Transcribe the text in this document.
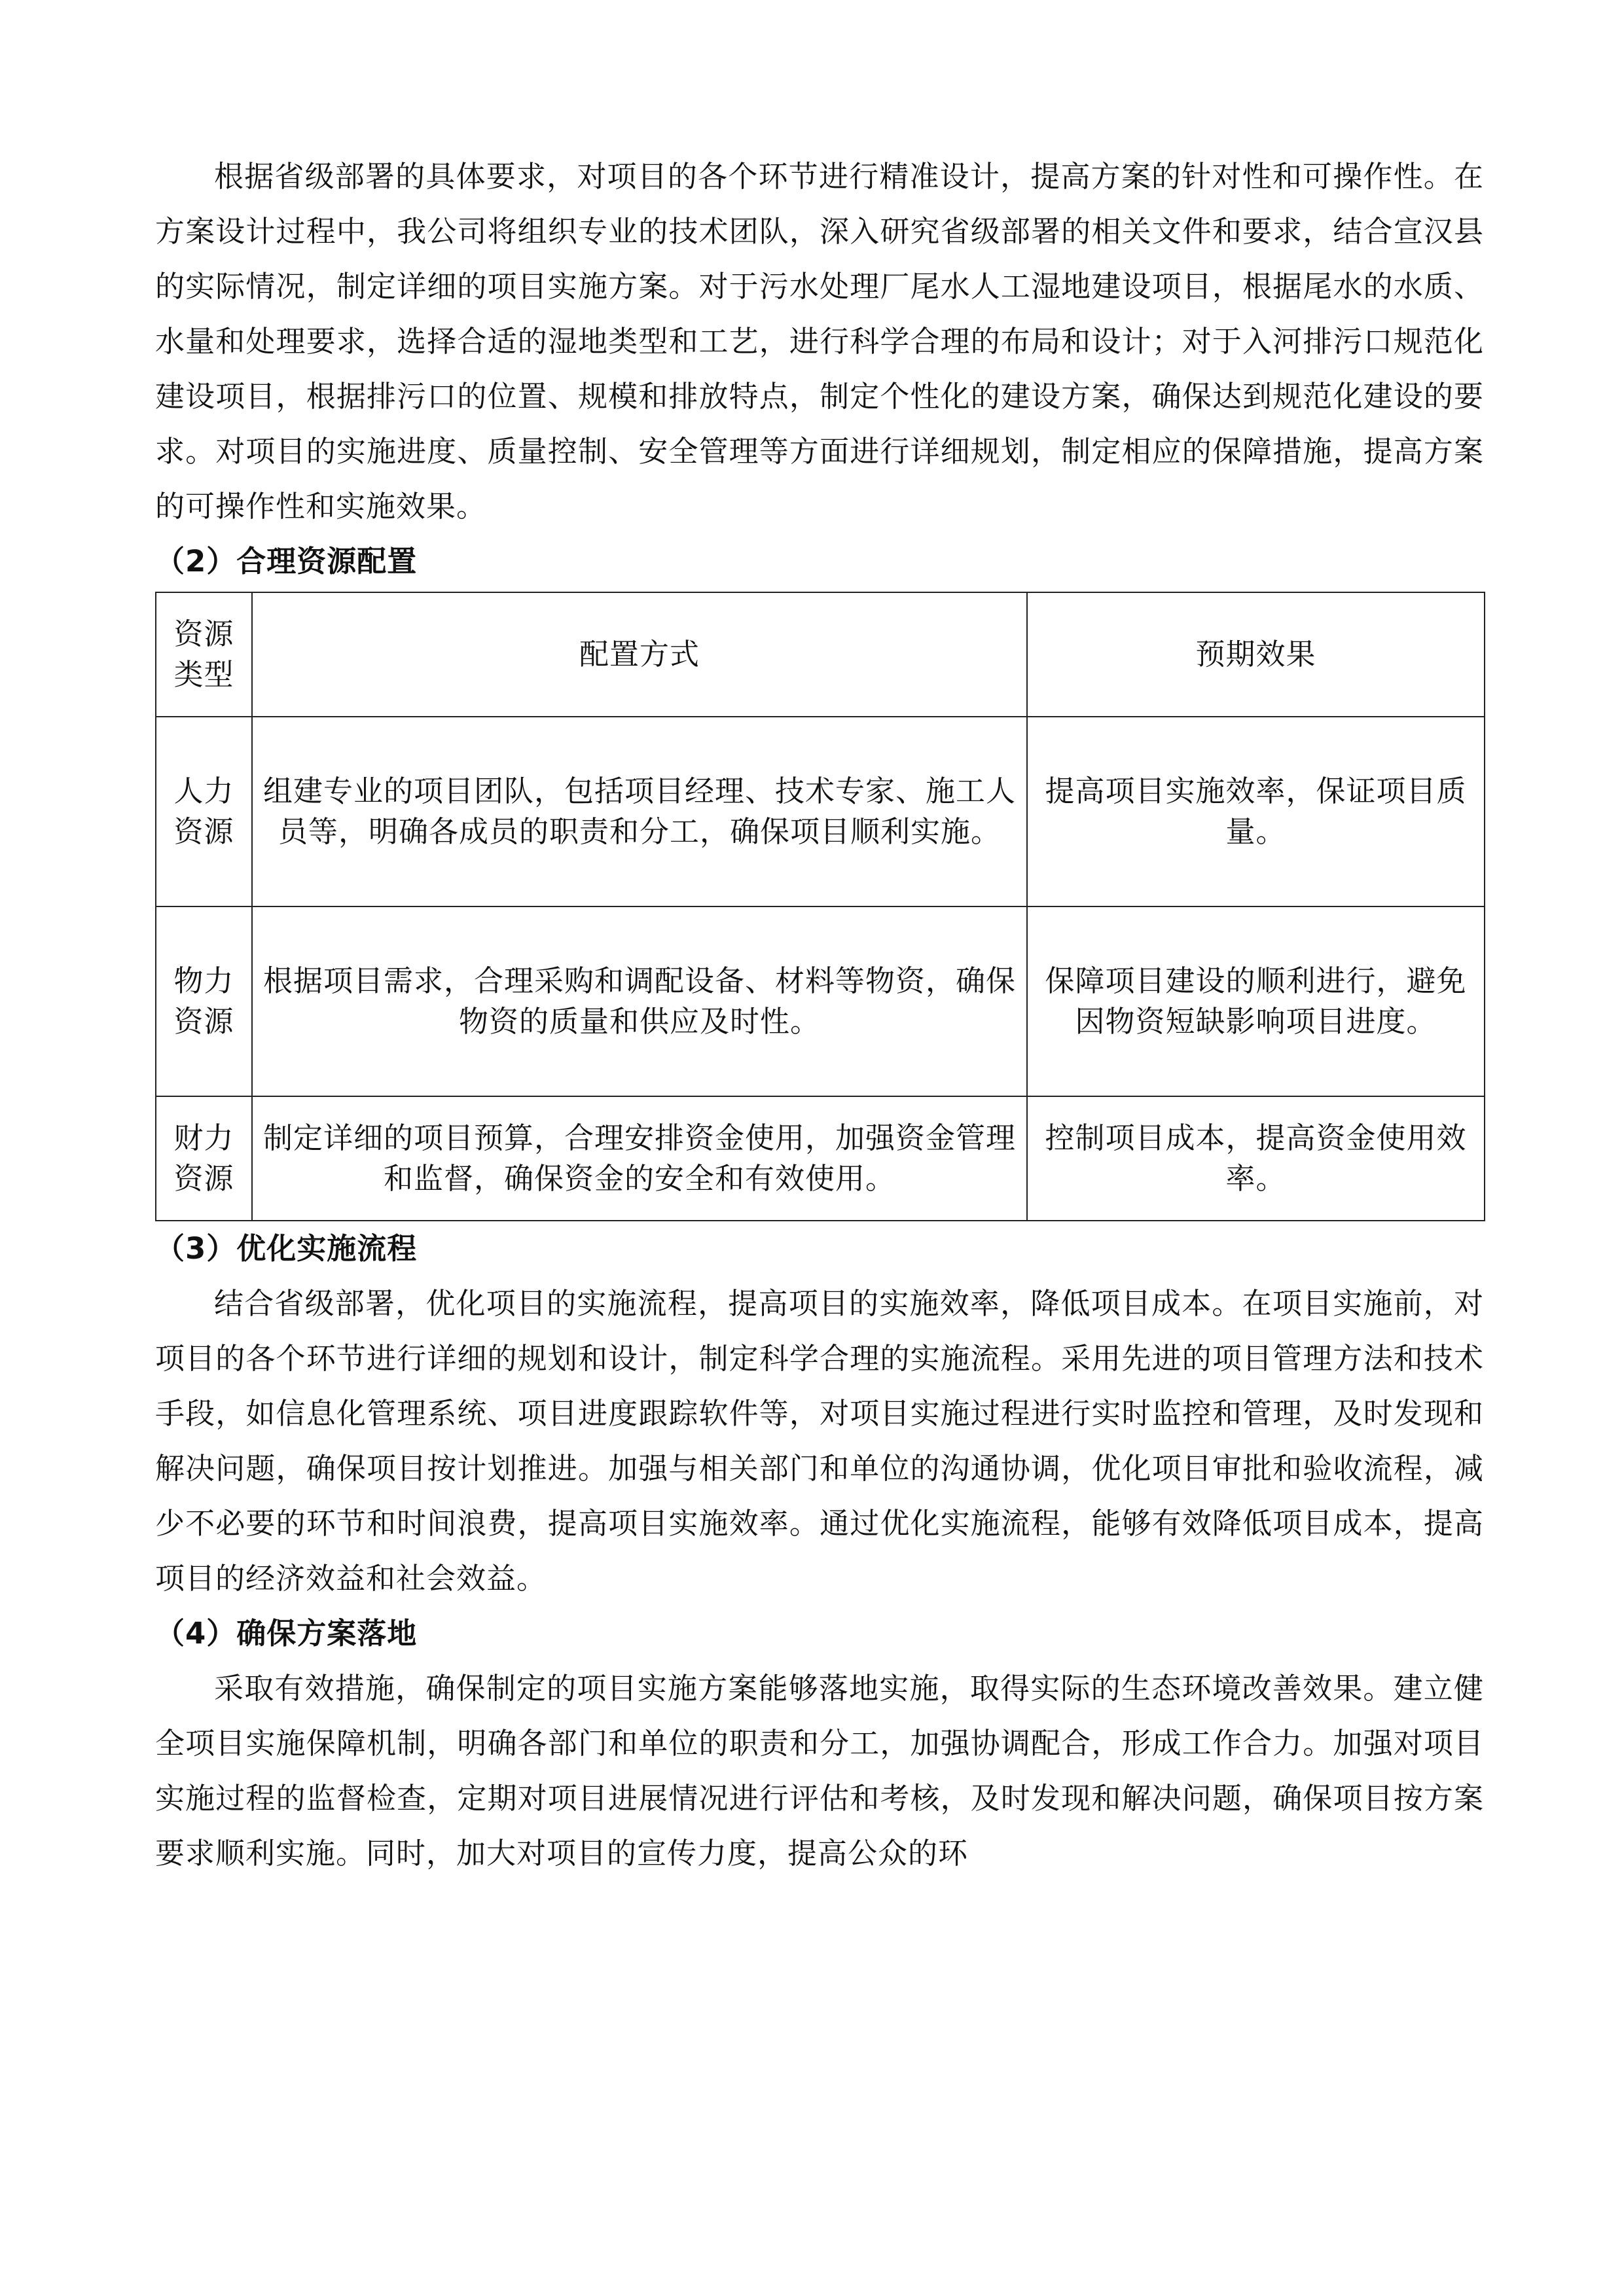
根据省级部署的具体要求，对项目的各个环节进行精准设计，提高方案的针对性和可操作性。在方案设计过程中，我公司将组织专业的技术团队，深入研究省级部署的相关文件和要求，结合宣汉县的实际情况，制定详细的项目实施方案。对于污水处理厂尾水人工湿地建设项目，根据尾水的水质、水量和处理要求，选择合适的湿地类型和工艺，进行科学合理的布局和设计；对于入河排污口规范化建设项目，根据排污口的位置、规模和排放特点，制定个性化的建设方案，确保达到规范化建设的要求。对项目的实施进度、质量控制、安全管理等方面进行详细规划，制定相应的保障措施，提高方案的可操作性和实施效果。

（2）合理资源配置

资源类型	配置方式	预期效果
人力资源	组建专业的项目团队，包括项目经理、技术专家、施工人员等，明确各成员的职责和分工，确保项目顺利实施。	提高项目实施效率，保证项目质量。
物力资源	根据项目需求，合理采购和调配设备、材料等物资，确保物资的质量和供应及时性。	保障项目建设的顺利进行，避免因物资短缺影响项目进度。
财力资源	制定详细的项目预算，合理安排资金使用，加强资金管理和监督，确保资金的安全和有效使用。	控制项目成本，提高资金使用效率。

（3）优化实施流程

结合省级部署，优化项目的实施流程，提高项目的实施效率，降低项目成本。在项目实施前，对项目的各个环节进行详细的规划和设计，制定科学合理的实施流程。采用先进的项目管理方法和技术手段，如信息化管理系统、项目进度跟踪软件等，对项目实施过程进行实时监控和管理，及时发现和解决问题，确保项目按计划推进。加强与相关部门和单位的沟通协调，优化项目审批和验收流程，减少不必要的环节和时间浪费，提高项目实施效率。通过优化实施流程，能够有效降低项目成本，提高项目的经济效益和社会效益。

（4）确保方案落地

采取有效措施，确保制定的项目实施方案能够落地实施，取得实际的生态环境改善效果。建立健全项目实施保障机制，明确各部门和单位的职责和分工，加强协调配合，形成工作合力。加强对项目实施过程的监督检查，定期对项目进展情况进行评估和考核，及时发现和解决问题，确保项目按方案要求顺利实施。同时，加大对项目的宣传力度，提高公众的环
